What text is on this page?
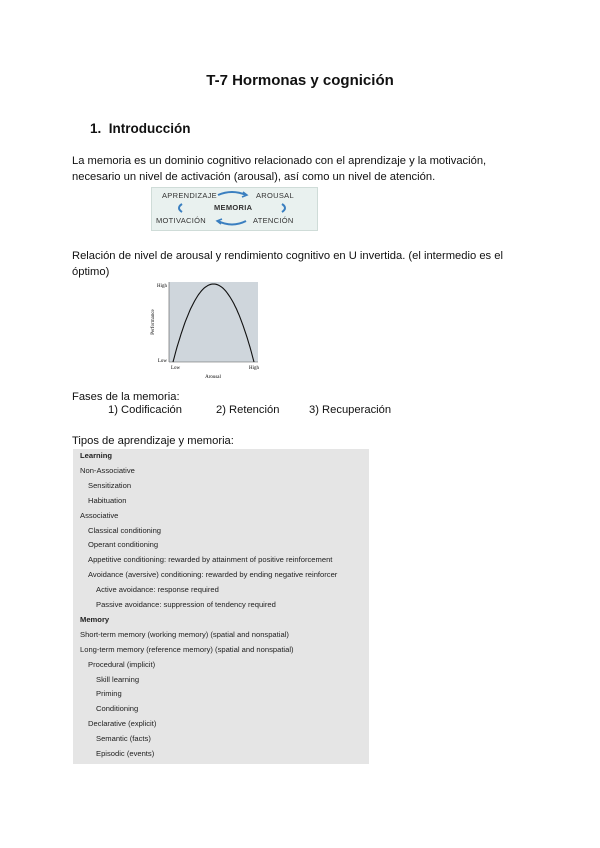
T-7 Hormonas y cognición
1. Introducción
La memoria es un dominio cognitivo relacionado con el aprendizaje y la motivación,
necesario un nivel de activación (arousal), así como un nivel de atención.
APRENDIZAJE	AROUSAL
MEMORIA
MOTIVACIÓN	ATENCIÓN
Relación de nivel de arousal y rendimiento cognitivo en U invertida. (el intermedio es el
óptimo)
High
Low
Low	High
Arousal
Performance
Fases de la memoria:
1) Codificación	2) Retención	3) Recuperación
Tipos de aprendizaje y memoria:
Learning
Non-Associative
Sensitization
Habituation
Associative
Classical conditioning
Operant conditioning
Appetitive conditioning: rewarded by attainment of positive reinforcement
Avoidance (aversive) conditioning: rewarded by ending negative reinforcer
Active avoidance: response required
Passive avoidance: suppression of tendency required
Memory
Short-term memory (working memory) (spatial and nonspatial)
Long-term memory (reference memory) (spatial and nonspatial)
Procedural (implicit)
Skill learning
Priming
Conditioning
Declarative (explicit)
Semantic (facts)
Episodic (events)
